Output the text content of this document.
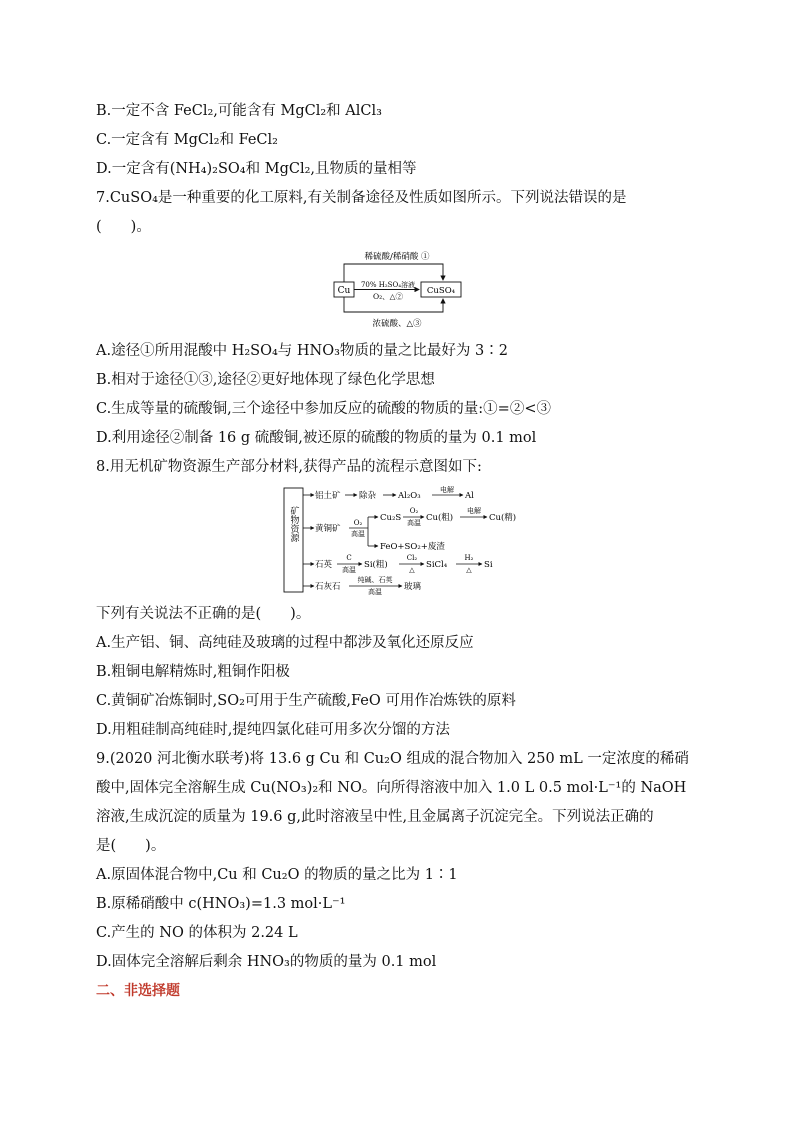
B.一定不含 FeCl₂,可能含有 MgCl₂和 AlCl₃
C.一定含有 MgCl₂和 FeCl₂
D.一定含有(NH₄)₂SO₄和 MgCl₂,且物质的量相等
7.CuSO₄是一种重要的化工原料,有关制备途径及性质如图所示。下列说法错误的是
(　　)。
稀硫酸/稀硝酸 ①
Cu	CuSO₄
70% H₂SO₄溶液
O₂、△②
浓硫酸、△③
A.途径①所用混酸中 H₂SO₄与 HNO₃物质的量之比最好为 3∶2
B.相对于途径①③,途径②更好地体现了绿色化学思想
C.生成等量的硫酸铜,三个途径中参加反应的硫酸的物质的量:①=②<③
D.利用途径②制备 16 g 硫酸铜,被还原的硫酸的物质的量为 0.1 mol
8.用无机矿物资源生产部分材料,获得产品的流程示意图如下:
矿物资源
铝土矿 除杂	Al₂O₃
电解
Al
黄铜矿
O₂
高温
Cu₂S
O₂
高温 Cu(粗)
电解
Cu(精)
FeO+SO₂+废渣
石英
C
高温 Si(粗)
Cl₂
△ SiCl₄
H₂
△ Si
石灰石
纯碱、石英
高温	玻璃
下列有关说法不正确的是(　　)。
A.生产铝、铜、高纯硅及玻璃的过程中都涉及氧化还原反应
B.粗铜电解精炼时,粗铜作阳极
C.黄铜矿冶炼铜时,SO₂可用于生产硫酸,FeO 可用作冶炼铁的原料
D.用粗硅制高纯硅时,提纯四氯化硅可用多次分馏的方法
9.(2020 河北衡水联考)将 13.6 g Cu 和 Cu₂O 组成的混合物加入 250 mL 一定浓度的稀硝
酸中,固体完全溶解生成 Cu(NO₃)₂和 NO。向所得溶液中加入 1.0 L 0.5 mol·L⁻¹的 NaOH
溶液,生成沉淀的质量为 19.6 g,此时溶液呈中性,且金属离子沉淀完全。下列说法正确的
是(　　)。
A.原固体混合物中,Cu 和 Cu₂O 的物质的量之比为 1∶1
B.原稀硝酸中 c(HNO₃)=1.3 mol·L⁻¹
C.产生的 NO 的体积为 2.24 L
D.固体完全溶解后剩余 HNO₃的物质的量为 0.1 mol
二、非选择题
